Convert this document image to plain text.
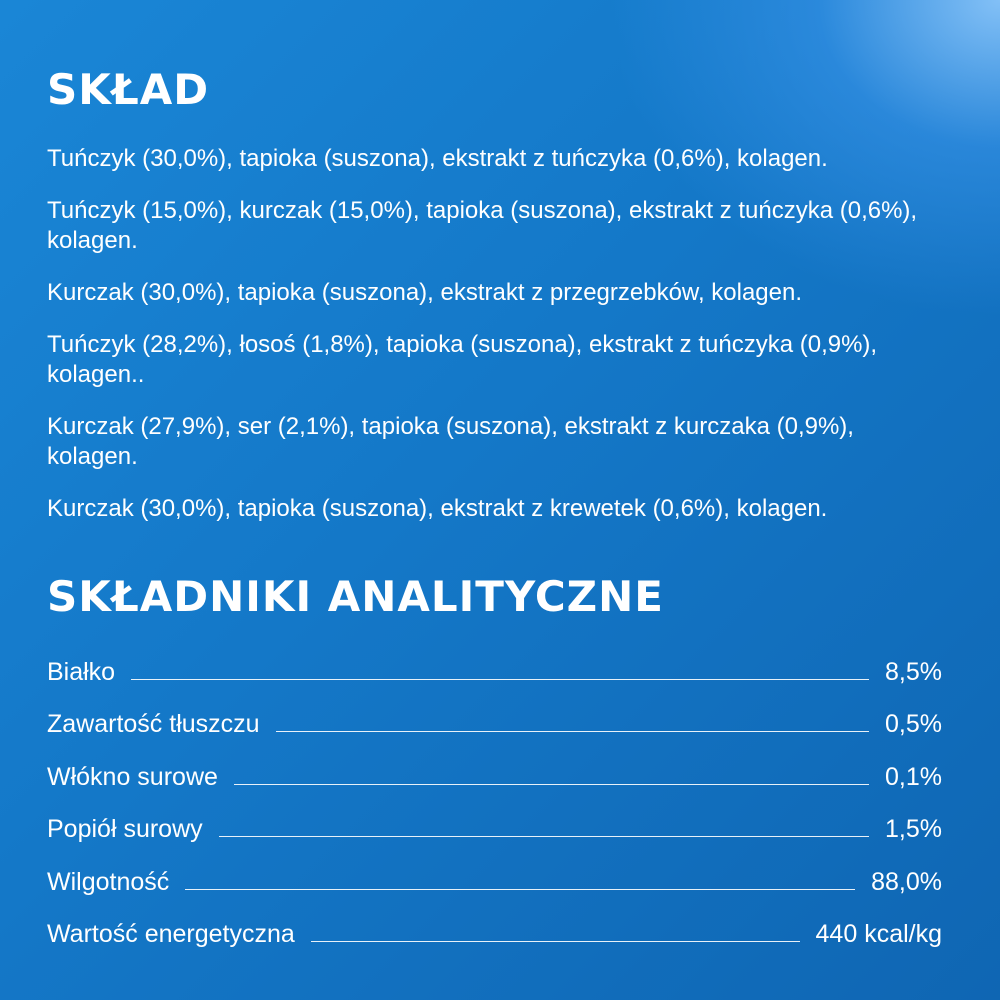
SKŁAD
Tuńczyk (30,0%), tapioka (suszona), ekstrakt z tuńczyka (0,6%), kolagen.
Tuńczyk (15,0%), kurczak (15,0%), tapioka (suszona), ekstrakt z tuńczyka (0,6%), kolagen.
Kurczak (30,0%), tapioka (suszona), ekstrakt z przegrzebków, kolagen.
Tuńczyk (28,2%), łosoś (1,8%), tapioka (suszona), ekstrakt z tuńczyka (0,9%), kolagen..
Kurczak (27,9%), ser (2,1%), tapioka (suszona), ekstrakt z kurczaka (0,9%), kolagen.
Kurczak (30,0%), tapioka (suszona), ekstrakt z krewetek (0,6%), kolagen.
SKŁADNIKI ANALITYCZNE
Białko	8,5%
Zawartość tłuszczu	0,5%
Włókno surowe	0,1%
Popiół surowy	1,5%
Wilgotność	88,0%
Wartość energetyczna	440 kcal/kg
